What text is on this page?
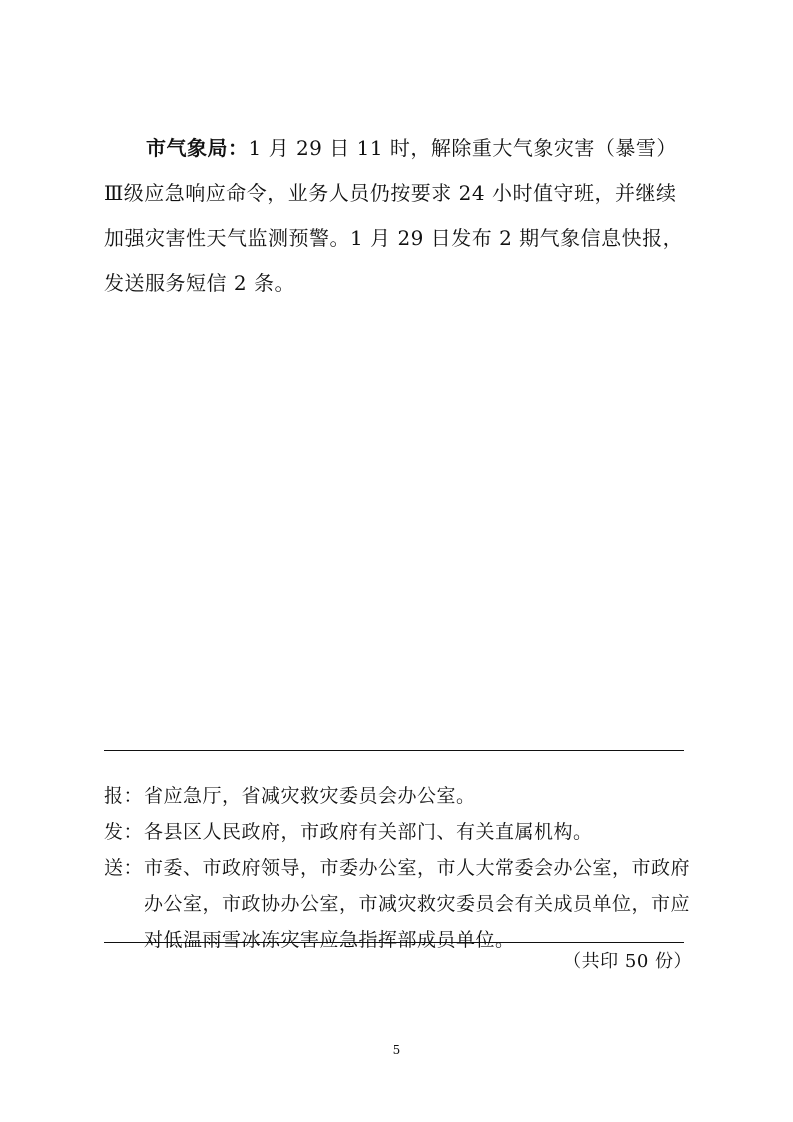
市气象局：1 月 29 日 11 时，解除重大气象灾害（暴雪）Ⅲ级应急响应命令，业务人员仍按要求 24 小时值守班，并继续加强灾害性天气监测预警。1 月 29 日发布 2 期气象信息快报，发送服务短信 2 条。
报： 省应急厅，省减灾救灾委员会办公室。
发： 各县区人民政府，市政府有关部门、有关直属机构。
送： 市委、市政府领导，市委办公室，市人大常委会办公室，市政府办公室，市政协办公室，市减灾救灾委员会有关成员单位，市应对低温雨雪冰冻灾害应急指挥部成员单位。
（共印 50 份）
5
